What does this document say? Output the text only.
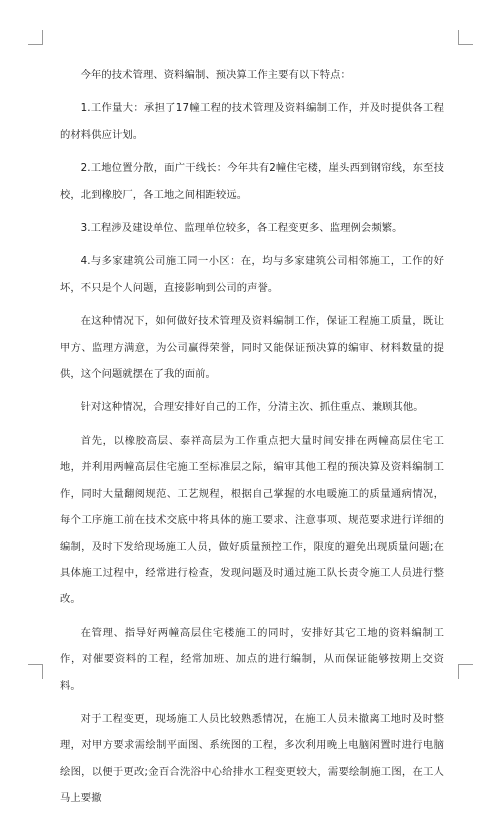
今年的技术管理、资料编制、预决算工作主要有以下特点：

1.工作量大：承担了17幢工程的技术管理及资料编制工作，并及时提供各工程的材料供应计划。

2.工地位置分散，面广干线长：今年共有2幢住宅楼，崖头西到钢帘线，东至技校，北到橡胶厂，各工地之间相距较远。

3.工程涉及建设单位、监理单位较多，各工程变更多、监理例会频繁。

4.与多家建筑公司施工同一小区：在，均与多家建筑公司相邻施工，工作的好坏，不只是个人问题，直接影响到公司的声誉。

在这种情况下，如何做好技术管理及资料编制工作，保证工程施工质量，既让甲方、监理方满意，为公司赢得荣誉，同时又能保证预决算的编审、材料数量的提供，这个问题就摆在了我的面前。

针对这种情况，合理安排好自己的工作，分清主次、抓住重点、兼顾其他。

首先，以橡胶高层、泰祥高层为工作重点把大量时间安排在两幢高层住宅工地，并利用两幢高层住宅施工至标准层之际，编审其他工程的预决算及资料编制工作，同时大量翻阅规范、工艺规程，根据自己掌握的水电暖施工的质量通病情况，每个工序施工前在技术交底中将具体的施工要求、注意事项、规范要求进行详细的编制，及时下发给现场施工人员，做好质量预控工作，限度的避免出现质量问题;在具体施工过程中，经常进行检查，发现问题及时通过施工队长责令施工人员进行整改。

在管理、指导好两幢高层住宅楼施工的同时，安排好其它工地的资料编制工作，对催要资料的工程，经常加班、加点的进行编制，从而保证能够按期上交资料。

对于工程变更，现场施工人员比较熟悉情况，在施工人员未撤离工地时及时整理，对甲方要求需绘制平面图、系统图的工程，多次利用晚上电脑闲置时进行电脑绘图，以便于更改;金百合洗浴中心给排水工程变更较大，需要绘制施工图，在工人马上要撤
